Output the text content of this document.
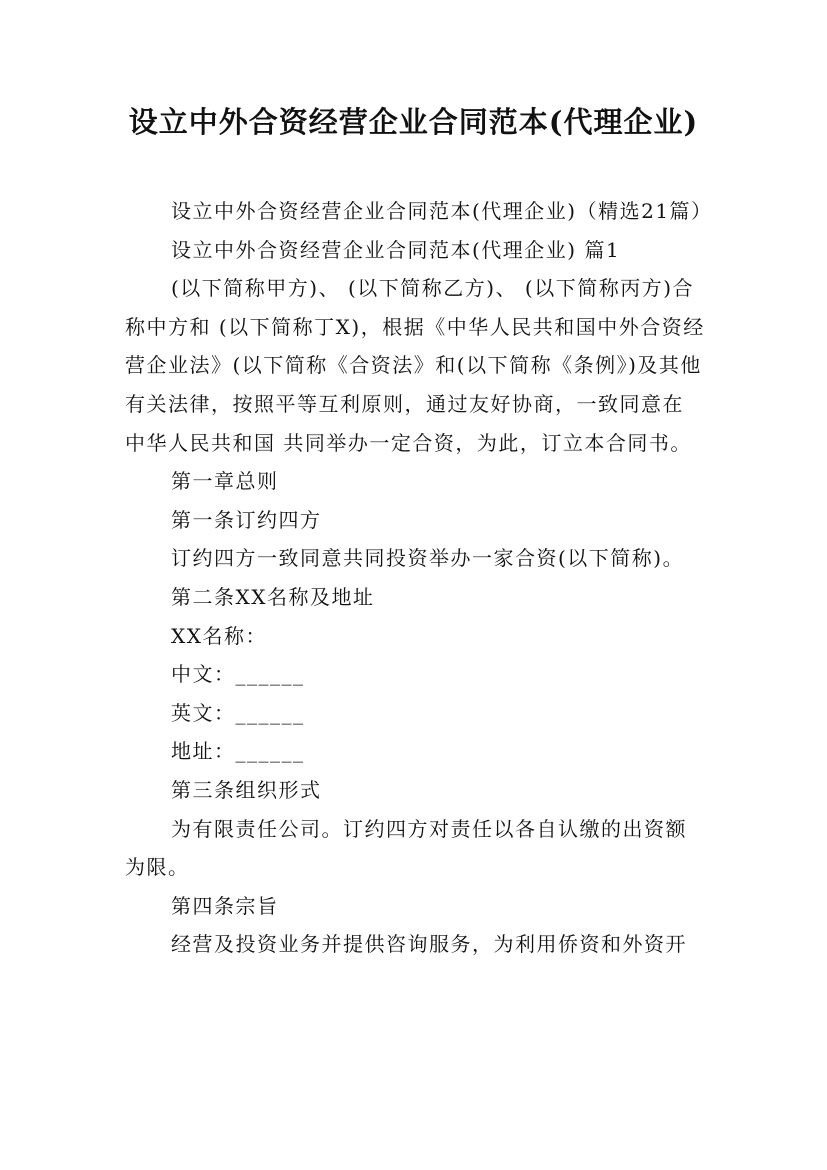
设立中外合资经营企业合同范本(代理企业)

设立中外合资经营企业合同范本(代理企业)（精选21篇）

设立中外合资经营企业合同范本(代理企业) 篇1

(以下简称甲方)、 (以下简称乙方)、 (以下简称丙方)合称中方和 (以下简称丁X)，根据《中华人民共和国中外合资经营企业法》(以下简称《合资法》和(以下简称《条例》)及其他有关法律，按照平等互利原则，通过友好协商，一致同意在中华人民共和国 共同举办一定合资，为此，订立本合同书。

第一章总则

第一条订约四方

订约四方一致同意共同投资举办一家合资(以下简称)。

第二条XX名称及地址

XX名称：

中文：______

英文：______

地址：______

第三条组织形式

为有限责任公司。订约四方对责任以各自认缴的出资额为限。

第四条宗旨

经营及投资业务并提供咨询服务，为利用侨资和外资开
